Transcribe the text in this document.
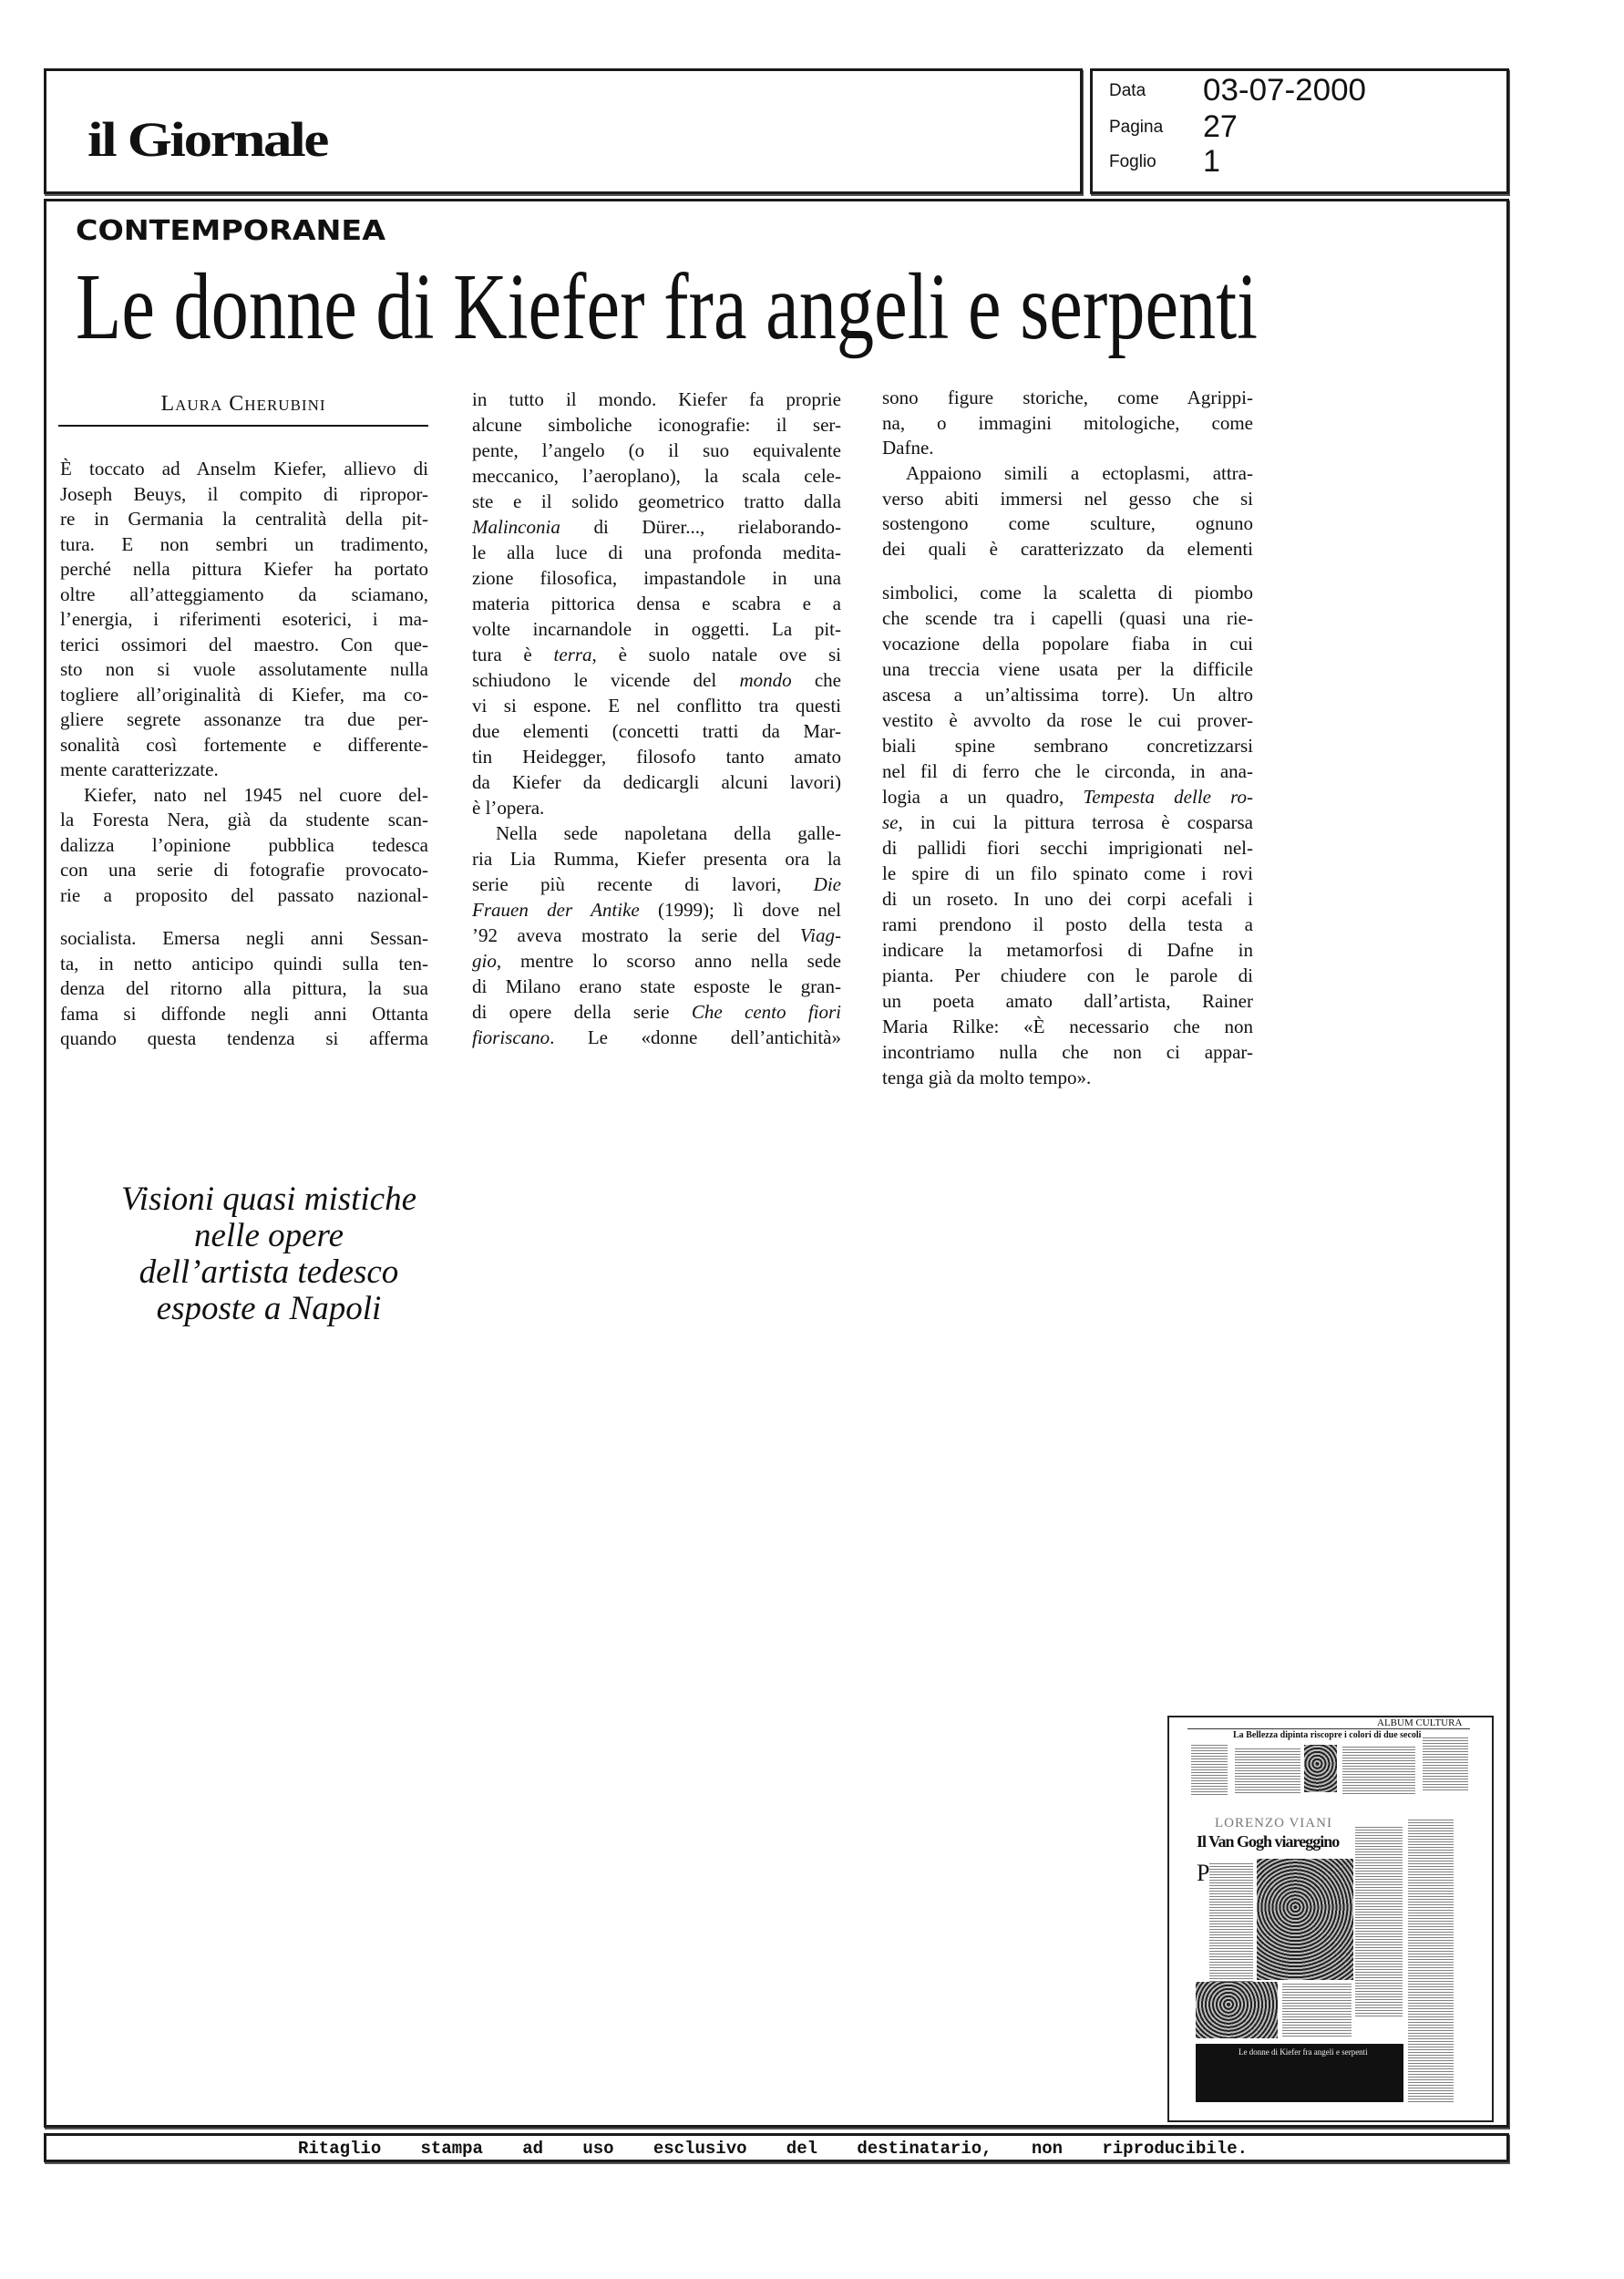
il Giornale
Data 03-07-2000
Pagina 27
Foglio 1
CONTEMPORANEA
Le donne di Kiefer fra angeli e serpenti
Laura Cherubini
È toccato ad Anselm Kiefer, allievo di
Joseph Beuys, il compito di ripropor-
re in Germania la centralità della pit-
tura. E non sembri un tradimento,
perché nella pittura Kiefer ha portato
oltre all’atteggiamento da sciamano,
l’energia, i riferimenti esoterici, i ma-
terici ossimori del maestro. Con que-
sto non si vuole assolutamente nulla
togliere all’originalità di Kiefer, ma co-
gliere segrete assonanze tra due per-
sonalità così fortemente e differente-
mente caratterizzate.
Kiefer, nato nel 1945 nel cuore del-
la Foresta Nera, già da studente scan-
dalizza l’opinione pubblica tedesca
con una serie di fotografie provocato-
rie a proposito del passato nazional-
socialista. Emersa negli anni Sessan-
ta, in netto anticipo quindi sulla ten-
denza del ritorno alla pittura, la sua
fama si diffonde negli anni Ottanta
quando questa tendenza si afferma
in tutto il mondo. Kiefer fa proprie
alcune simboliche iconografie: il ser-
pente, l’angelo (o il suo equivalente
meccanico, l’aeroplano), la scala cele-
ste e il solido geometrico tratto dalla
Malinconia di Dürer..., rielaborando-
le alla luce di una profonda medita-
zione filosofica, impastandole in una
materia pittorica densa e scabra e a
volte incarnandole in oggetti. La pit-
tura è terra, è suolo natale ove si
schiudono le vicende del mondo che
vi si espone. E nel conflitto tra questi
due elementi (concetti tratti da Mar-
tin Heidegger, filosofo tanto amato
da Kiefer da dedicargli alcuni lavori)
è l’opera.
Nella sede napoletana della galle-
ria Lia Rumma, Kiefer presenta ora la
serie più recente di lavori, Die
Frauen der Antike (1999); lì dove nel
’92 aveva mostrato la serie del Viag-
gio, mentre lo scorso anno nella sede
di Milano erano state esposte le gran-
di opere della serie Che cento fiori
fioriscano. Le «donne dell’antichità»
sono figure storiche, come Agrippi-
na, o immagini mitologiche, come
Dafne.
Appaiono simili a ectoplasmi, attra-
verso abiti immersi nel gesso che si
sostengono come sculture, ognuno
dei quali è caratterizzato da elementi
simbolici, come la scaletta di piombo
che scende tra i capelli (quasi una rie-
vocazione della popolare fiaba in cui
una treccia viene usata per la difficile
ascesa a un’altissima torre). Un altro
vestito è avvolto da rose le cui prover-
biali spine sembrano concretizzarsi
nel fil di ferro che le circonda, in ana-
logia a un quadro, Tempesta delle ro-
se, in cui la pittura terrosa è cosparsa
di pallidi fiori secchi imprigionati nel-
le spire di un filo spinato come i rovi
di un roseto. In uno dei corpi acefali i
rami prendono il posto della testa a
indicare la metamorfosi di Dafne in
pianta. Per chiudere con le parole di
un poeta amato dall’artista, Rainer
Maria Rilke: «È necessario che non
incontriamo nulla che non ci appar-
tenga già da molto tempo».
Visioni quasi mistiche
nelle opere
dell’artista tedesco
esposte a Napoli
ALBUM CULTURA
La Bellezza dipinta riscopre i colori di due secoli
LORENZO VIANI
Il Van Gogh viareggino
P
Le donne di Kiefer fra angeli e serpenti
Ritaglio stampa ad uso esclusivo del destinatario, non riproducibile.
